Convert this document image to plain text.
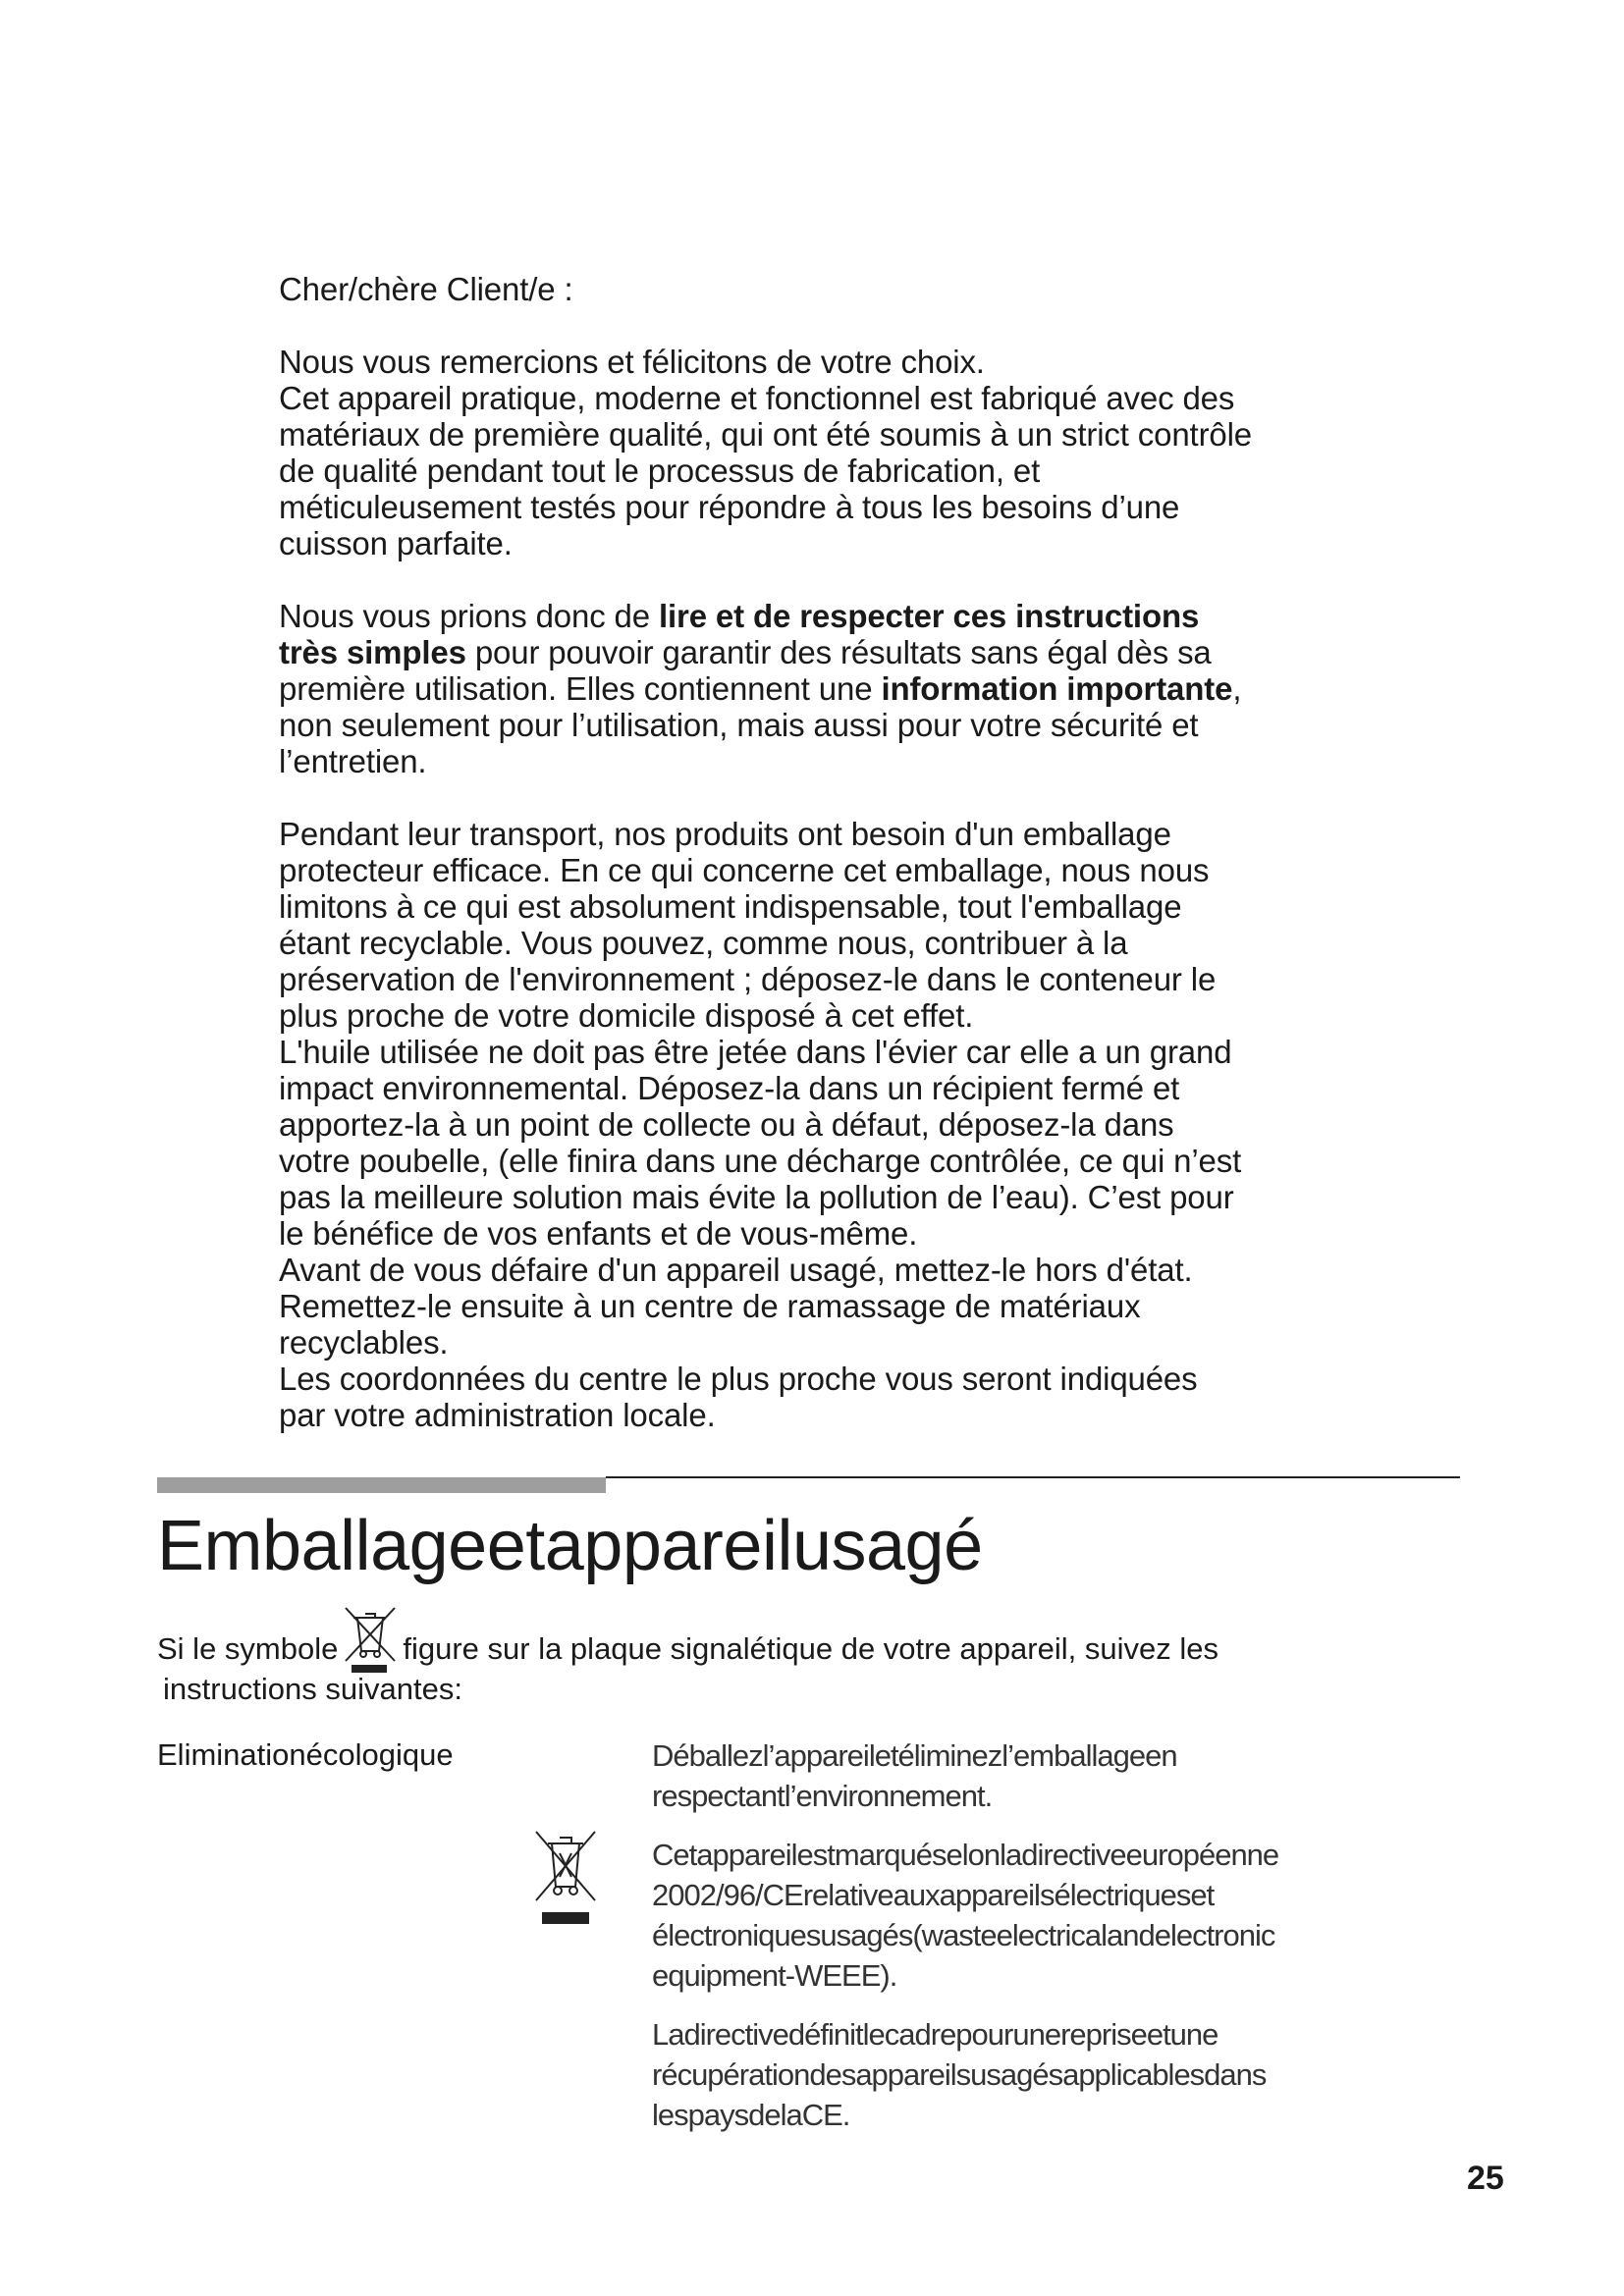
Cher/chère Client/e :

Nous vous remercions et félicitons de votre choix.

Cet appareil pratique, moderne et fonctionnel est fabriqué avec des

matériaux de première qualité, qui ont été soumis à un strict contrôle

de qualité pendant tout le processus de fabrication, et

méticuleusement testés pour répondre à tous les besoins d’une

cuisson parfaite.

Nous vous prions donc de lire et de respecter ces instructions

très simples pour pouvoir garantir des résultats sans égal dès sa

première utilisation. Elles contiennent une information importante,

non seulement pour l’utilisation, mais aussi pour votre sécurité et

l’entretien.

Pendant leur transport, nos produits ont besoin d'un emballage

protecteur efficace. En ce qui concerne cet emballage, nous nous

limitons à ce qui est absolument indispensable, tout l'emballage

étant recyclable. Vous pouvez, comme nous, contribuer à la

préservation de l'environnement ; déposez-le dans le conteneur le

plus proche de votre domicile disposé à cet effet.

L'huile utilisée ne doit pas être jetée dans l'évier car elle a un grand

impact environnemental. Déposez-la dans un récipient fermé et

apportez-la à un point de collecte ou à défaut, déposez-la dans

votre poubelle, (elle finira dans une décharge contrôlée, ce qui n’est

pas la meilleure solution mais évite la pollution de l’eau). C’est pour

le bénéfice de vos enfants et de vous-même.

Avant de vous défaire d'un appareil usagé, mettez-le hors d'état.

Remettez-le ensuite à un centre de ramassage de matériaux

recyclables.

Les coordonnées du centre le plus proche vous seront indiquées

par votre administration locale.

Emballageetappareilusagé
Si le symbole figure sur la plaque signalétique de votre appareil, suivez les
instructions suivantes:
Eliminationécologique	Déballezl’appareiletéliminezl’emballageen
respectantl’environnement.

Cetappareilestmarquéselonladirectiveeuropéenne
2002/96/CErelativeauxappareilsélectriqueset
électroniquesusagés(wasteelectricalandelectronic
equipment-WEEE).

Ladirectivedéfinitlecadrepourunerepriseetune
récupérationdesappareilsusagésapplicablesdans
lespaysdelaCE.

25
